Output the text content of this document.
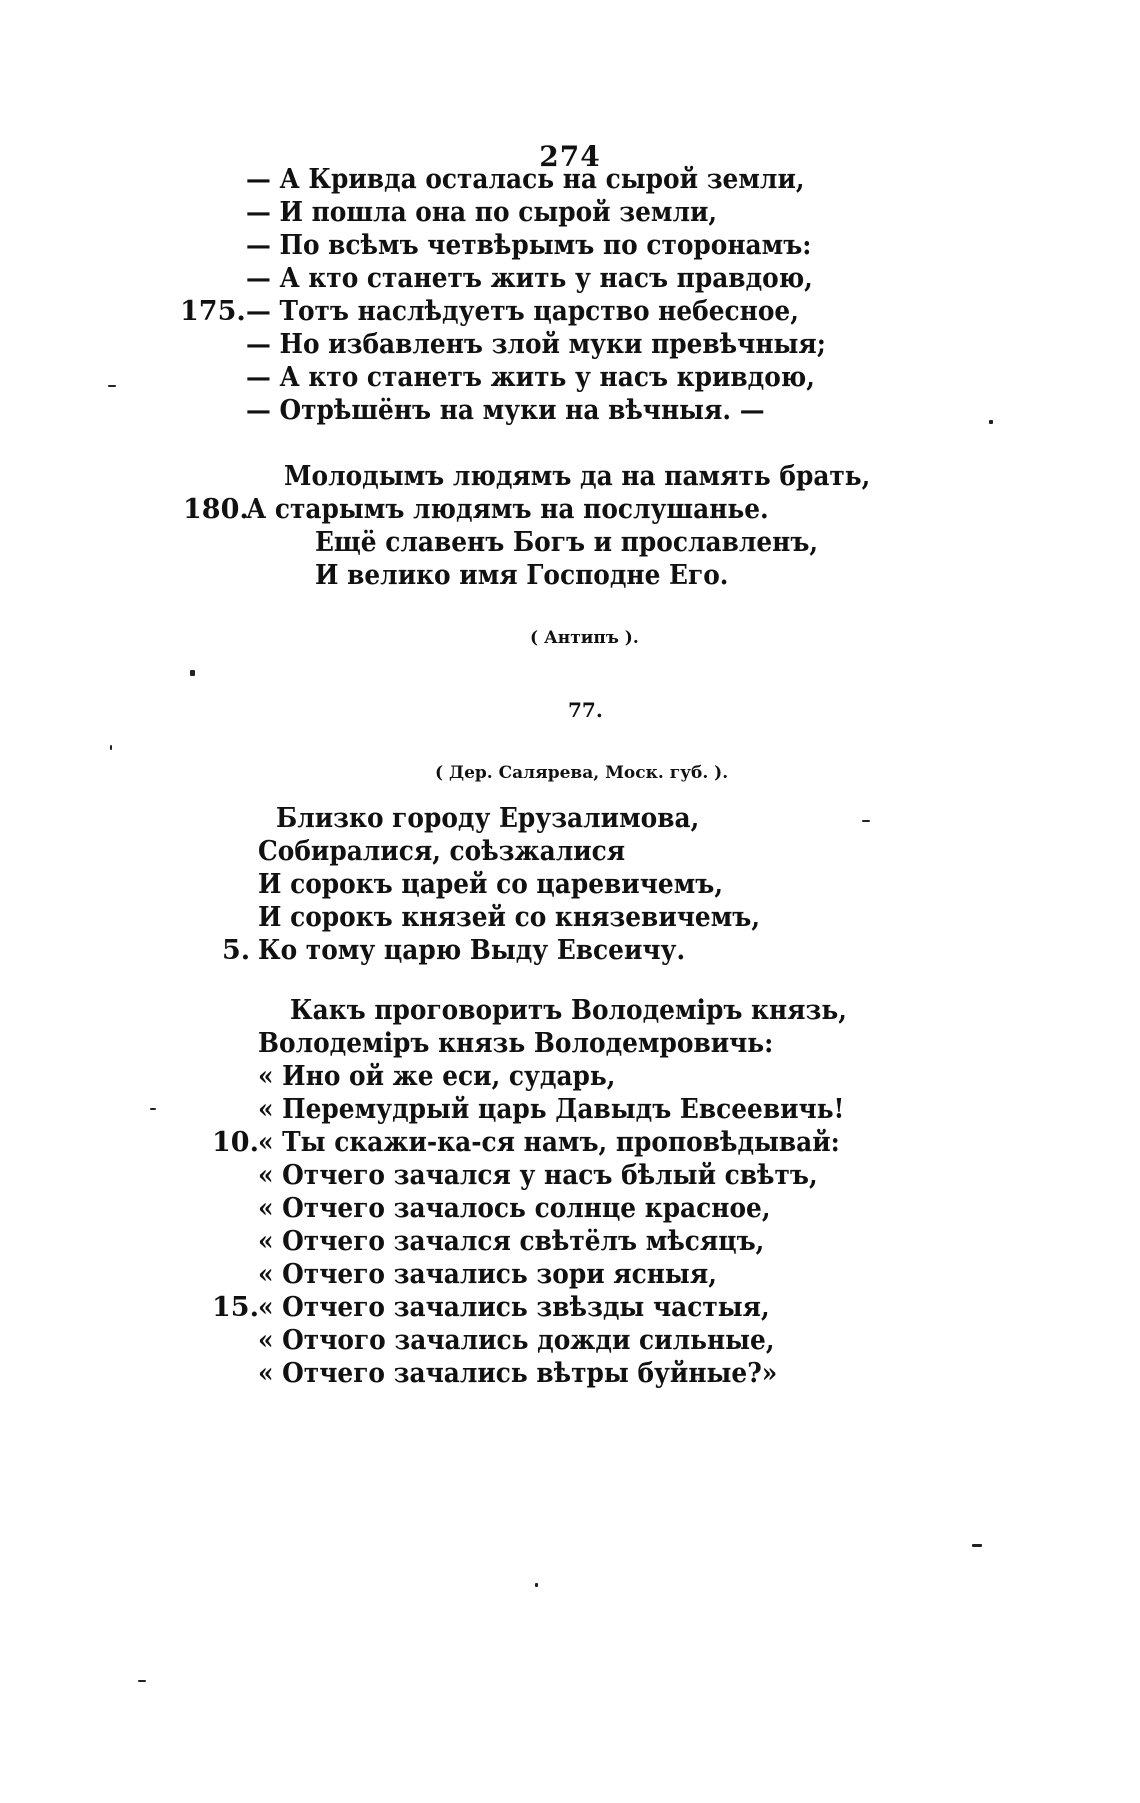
274
— А Кривда осталась на сырой земли,
— И пошла она по сырой земли,
— По всѣмъ четвѣрымъ по сторонамъ:
— А кто станетъ жить у насъ правдою,
175. — Тотъ наслѣдуетъ царство небесное,
— Но избавленъ злой муки превѣчныя;
— А кто станетъ жить у насъ кривдою,
— Отрѣшёнъ на муки на вѣчныя. —
Молодымъ людямъ да на память брать,
180.
А старымъ людямъ на послушанье.
Ещё славенъ Богъ и прославленъ,
И велико имя Господне Его.
( Антипъ ).
77.
( Дер. Салярева, Моск. губ. ).
Близко городу Ерузалимова,
Собиралися, соѣзжалися
И сорокъ царей со царевичемъ,
И сорокъ князей со князевичемъ,
5. Ко тому царю Выду Евсеичу.
Какъ проговоритъ Володеміръ князь,
Володеміръ князь Володемровичь:
« Ино ой же еси, сударь,
« Перемудрый царь Давыдъ Евсеевичь!
10. « Ты скажи-ка-ся намъ, проповѣдывай:
« Отчего зачался у насъ бѣлый свѣтъ,
« Отчего зачалось солнце красное,
« Отчего зачался свѣтёлъ мѣсяцъ,
« Отчего зачались зори ясныя,
15. « Отчего зачались звѣзды частыя,
« Отчого зачались дожди сильные,
« Отчего зачались вѣтры буйные?»
